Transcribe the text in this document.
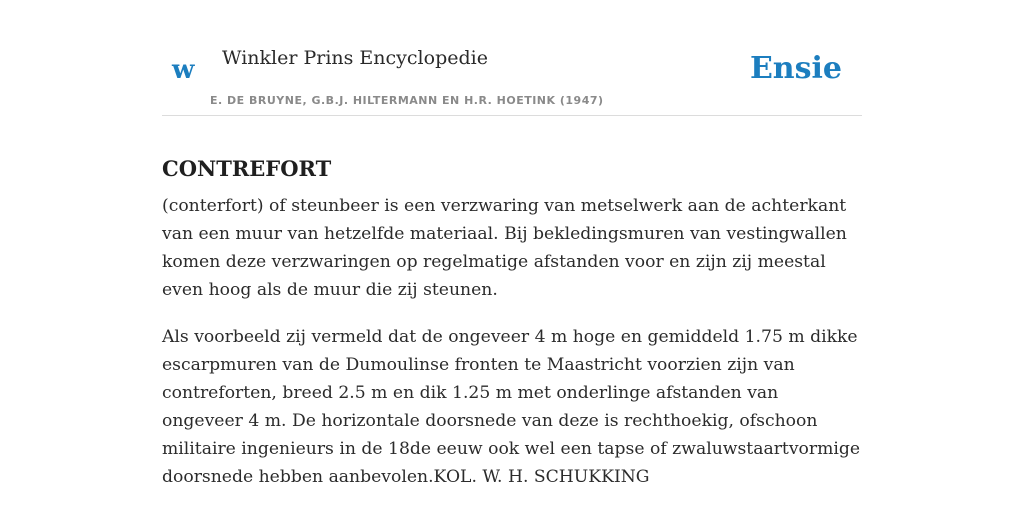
w Winkler Prins Encyclopedie
E. DE BRUYNE, G.B.J. HILTERMANN EN H.R. HOETINK (1947)
Ensie
CONTREFORT

(conterfort) of steunbeer is een verzwaring van metselwerk aan de achterkant van een muur van hetzelfde materiaal. Bij bekledingsmuren van vestingwallen komen deze verzwaringen op regelmatige afstanden voor en zijn zij meestal even hoog als de muur die zij steunen.

Als voorbeeld zij vermeld dat de ongeveer 4 m hoge en gemiddeld 1.75 m dikke escarpmuren van de Dumoulinse fronten te Maastricht voorzien zijn van contreforten, breed 2.5 m en dik 1.25 m met onderlinge afstanden van ongeveer 4 m. De horizontale doorsnede van deze is rechthoekig, ofschoon militaire ingenieurs in de 18de eeuw ook wel een tapse of zwaluwstaartvormige doorsnede hebben aanbevolen.KOL. W. H. SCHUKKING
